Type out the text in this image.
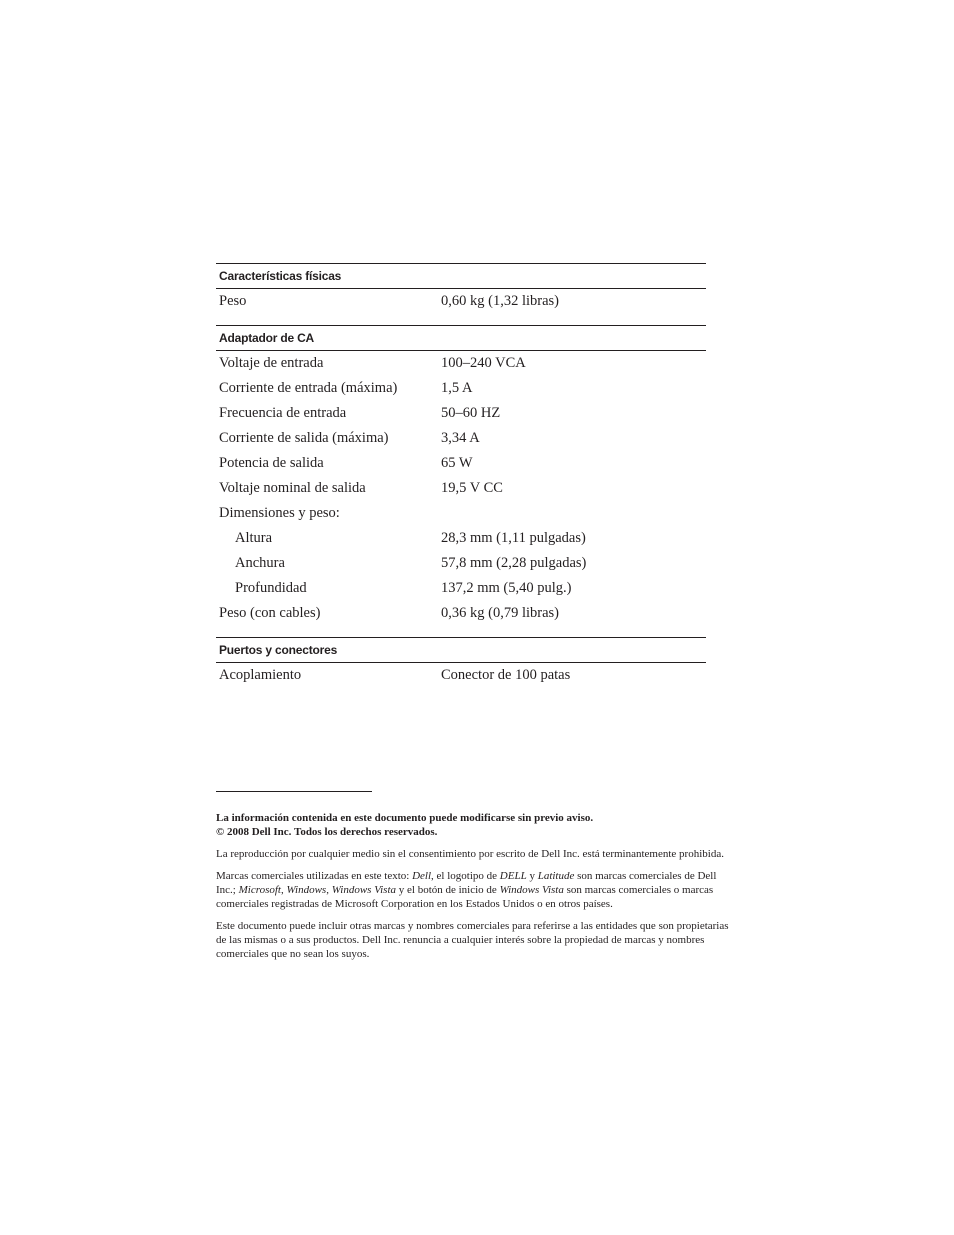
Características físicas
Peso	0,60 kg (1,32 libras)
Adaptador de CA
Voltaje de entrada	100–240 VCA
Corriente de entrada (máxima)	1,5 A
Frecuencia de entrada	50–60 HZ
Corriente de salida (máxima)	3,34 A
Potencia de salida	65 W
Voltaje nominal de salida	19,5 V CC
Dimensiones y peso:
Altura	28,3 mm (1,11 pulgadas)
Anchura	57,8 mm (2,28 pulgadas)
Profundidad	137,2 mm (5,40 pulg.)
Peso (con cables)	0,36 kg (0,79 libras)
Puertos y conectores
Acoplamiento	Conector de 100 patas

La información contenida en este documento puede modificarse sin previo aviso.
© 2008 Dell Inc. Todos los derechos reservados.

La reproducción por cualquier medio sin el consentimiento por escrito de Dell Inc. está terminantemente prohibida.

Marcas comerciales utilizadas en este texto: Dell, el logotipo de DELL y Latitude son marcas comerciales de Dell Inc.; Microsoft, Windows, Windows Vista y el botón de inicio de Windows Vista son marcas comerciales o marcas comerciales registradas de Microsoft Corporation en los Estados Unidos o en otros países.

Este documento puede incluir otras marcas y nombres comerciales para referirse a las entidades que son propietarias de las mismas o a sus productos. Dell Inc. renuncia a cualquier interés sobre la propiedad de marcas y nombres comerciales que no sean los suyos.
